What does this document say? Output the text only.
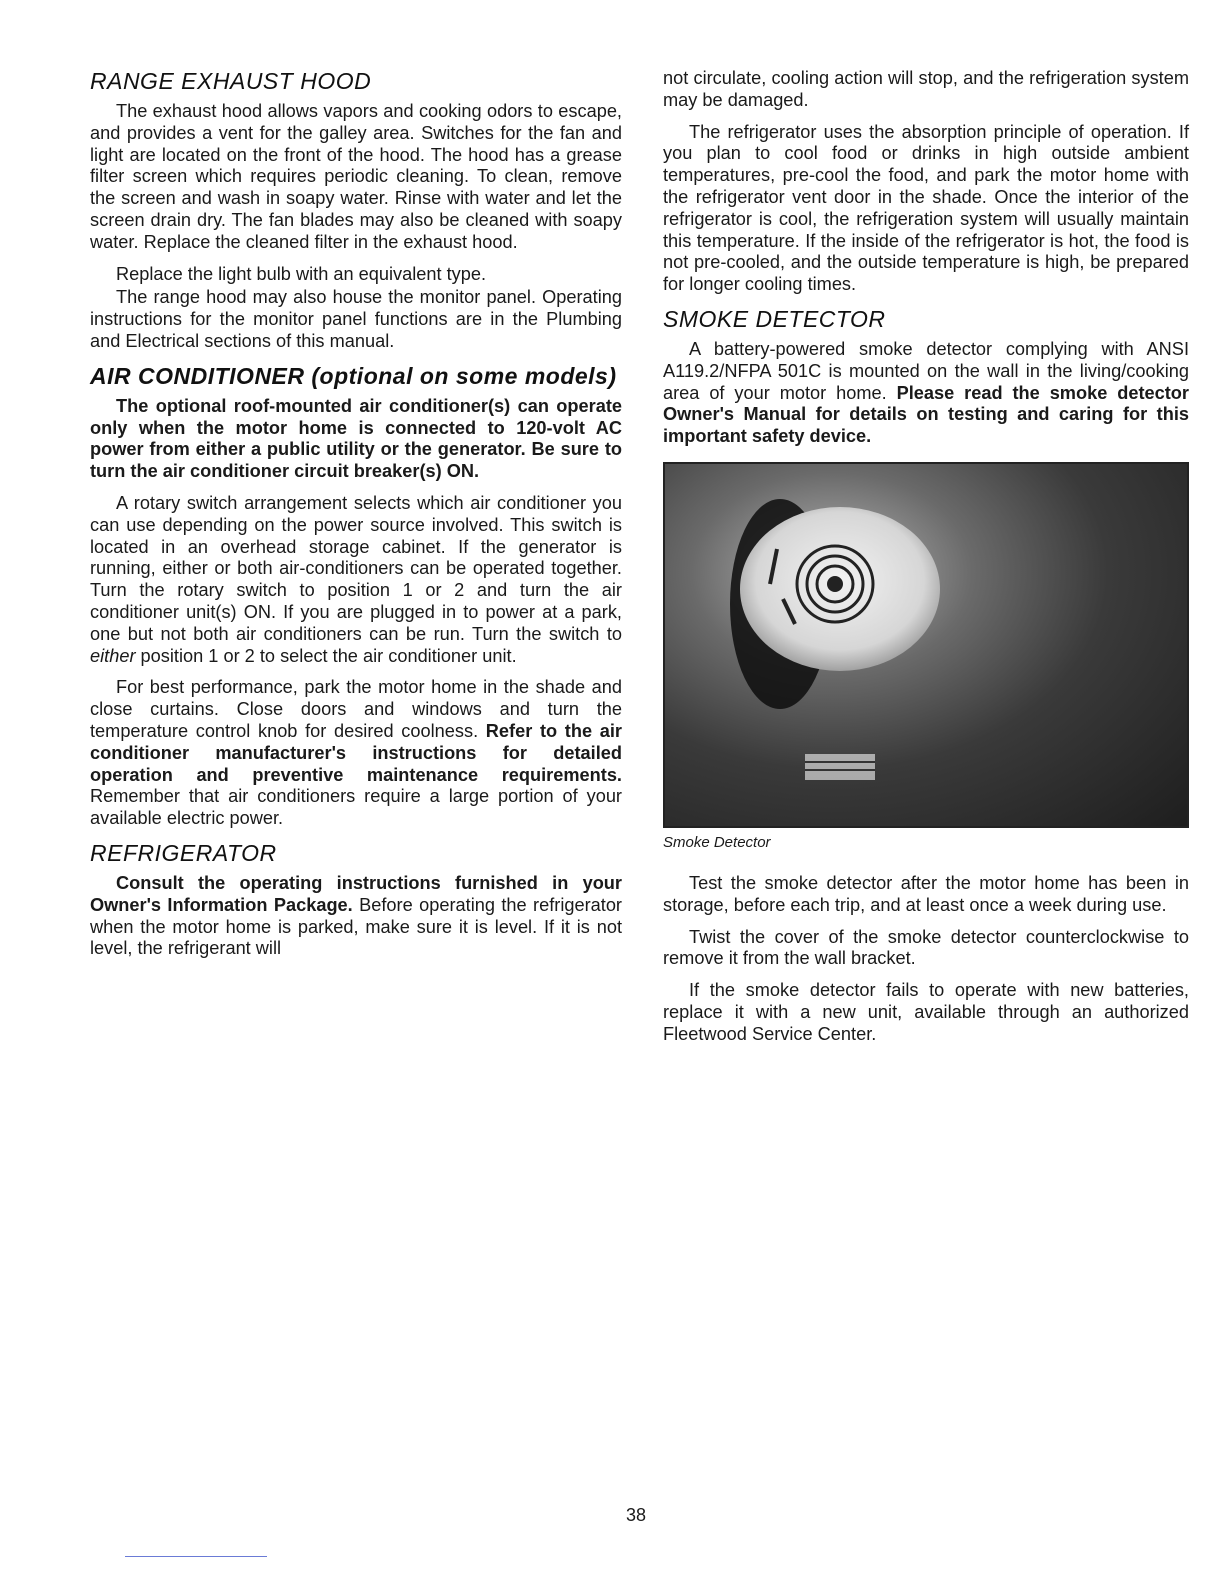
RANGE EXHAUST HOOD

The exhaust hood allows vapors and cooking odors to escape, and provides a vent for the galley area. Switches for the fan and light are located on the front of the hood. The hood has a grease filter screen which requires periodic cleaning. To clean, remove the screen and wash in soapy water. Rinse with water and let the screen drain dry. The fan blades may also be cleaned with soapy water. Replace the cleaned filter in the exhaust hood.

Replace the light bulb with an equivalent type.

The range hood may also house the monitor panel. Operating instructions for the monitor panel functions are in the Plumbing and Electrical sections of this manual.

AIR CONDITIONER (optional on some models)

The optional roof-mounted air conditioner(s) can operate only when the motor home is connected to 120-volt AC power from either a public utility or the generator. Be sure to turn the air conditioner circuit breaker(s) ON.

A rotary switch arrangement selects which air conditioner you can use depending on the power source involved. This switch is located in an overhead storage cabinet. If the generator is running, either or both air-conditioners can be operated together. Turn the rotary switch to position 1 or 2 and turn the air conditioner unit(s) ON. If you are plugged in to power at a park, one but not both air conditioners can be run. Turn the switch to either position 1 or 2 to select the air conditioner unit.

For best performance, park the motor home in the shade and close curtains. Close doors and windows and turn the temperature control knob for desired coolness. Refer to the air conditioner manufacturer's instructions for detailed operation and preventive maintenance requirements. Remember that air conditioners require a large portion of your available electric power.

REFRIGERATOR

Consult the operating instructions furnished in your Owner's Information Package. Before operating the refrigerator when the motor home is parked, make sure it is level. If it is not level, the refrigerant will

not circulate, cooling action will stop, and the refrigeration system may be damaged.

The refrigerator uses the absorption principle of operation. If you plan to cool food or drinks in high outside ambient temperatures, pre-cool the food, and park the motor home with the refrigerator vent door in the shade. Once the interior of the refrigerator is cool, the refrigeration system will usually maintain this temperature. If the inside of the refrigerator is hot, the food is not pre-cooled, and the outside temperature is high, be prepared for longer cooling times.

SMOKE DETECTOR

A battery-powered smoke detector complying with ANSI A119.2/NFPA 501C is mounted on the wall in the living/cooking area of your motor home. Please read the smoke detector Owner's Manual for details on testing and caring for this important safety device.

Smoke Detector

Test the smoke detector after the motor home has been in storage, before each trip, and at least once a week during use.

Twist the cover of the smoke detector counterclockwise to remove it from the wall bracket.

If the smoke detector fails to operate with new batteries, replace it with a new unit, available through an authorized Fleetwood Service Center.

38
